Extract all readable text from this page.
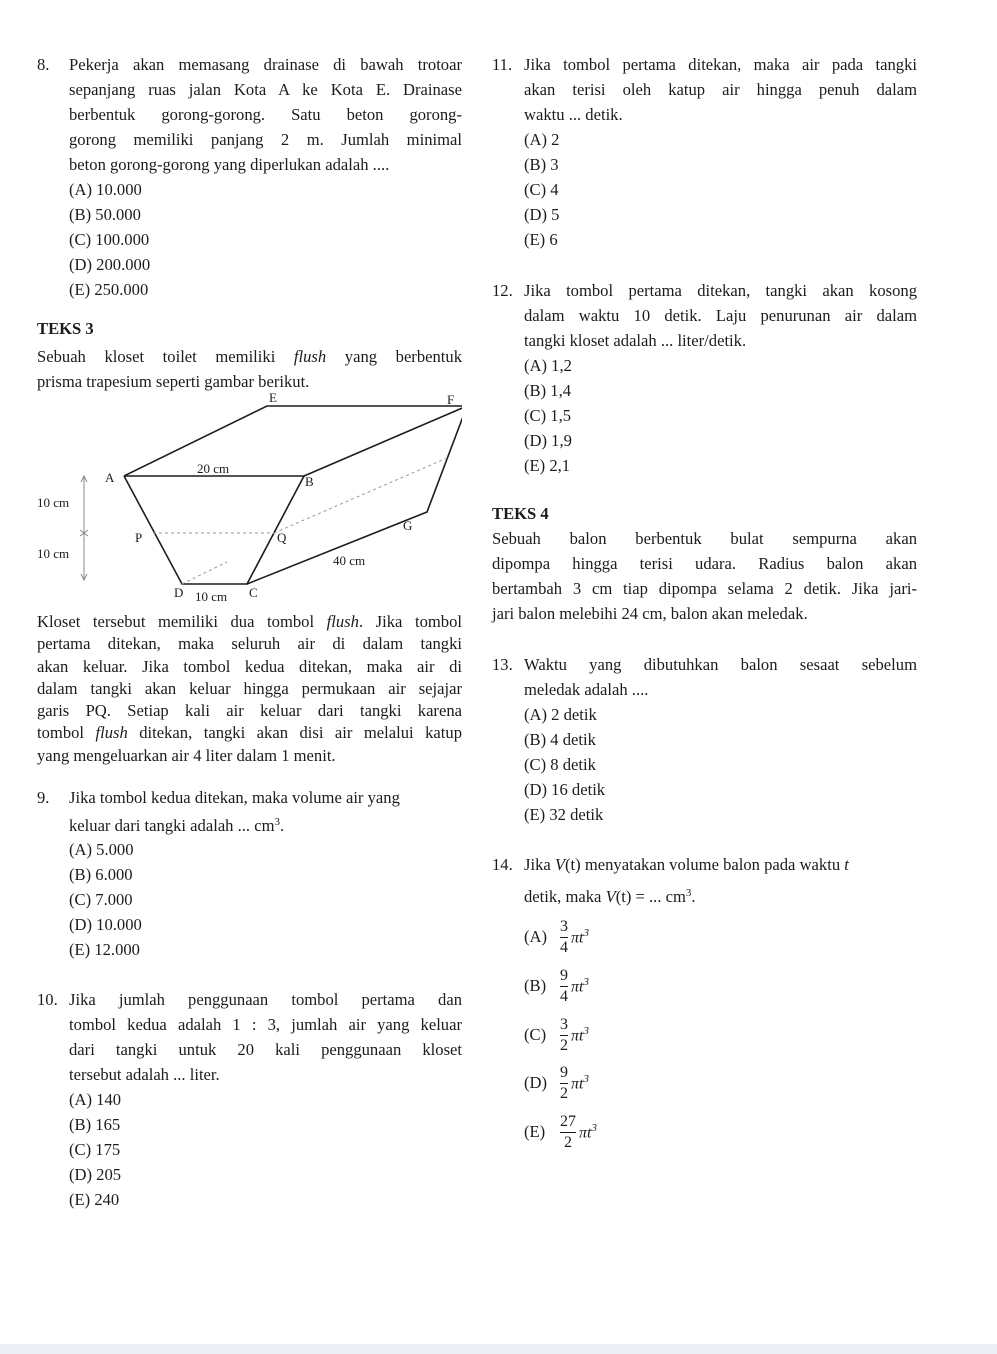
8. Pekerja akan memasang drainase di bawah trotoar
sepanjang ruas jalan Kota A ke Kota E. Drainase
berbentuk gorong-gorong. Satu beton gorong-
gorong memiliki panjang 2 m. Jumlah minimal
beton gorong-gorong yang diperlukan adalah ....
(A) 10.000
(B) 50.000
(C) 100.000
(D) 200.000
(E) 250.000
TEKS 3
Sebuah kloset toilet memiliki flush yang berbentuk
prisma trapesium seperti gambar berikut.
E	F
A	B
20 cm
10 cm
P	Q
G
10 cm	40 cm
D 10 cm C
Kloset tersebut memiliki dua tombol flush. Jika tombol
pertama ditekan, maka seluruh air di dalam tangki
akan keluar. Jika tombol kedua ditekan, maka air di
dalam tangki akan keluar hingga permukaan air sejajar
garis PQ. Setiap kali air keluar dari tangki karena
tombol flush ditekan, tangki akan disi air melalui katup
yang mengeluarkan air 4 liter dalam 1 menit.
9. Jika tombol kedua ditekan, maka volume air yang
keluar dari tangki adalah ... $cm^3$.
(A) 5.000
(B) 6.000
(C) 7.000
(D) 10.000
(E) 12.000
10. Jika jumlah penggunaan tombol pertama dan
tombol kedua adalah 1 : 3, jumlah air yang keluar
dari tangki untuk 20 kali penggunaan kloset
tersebut adalah ... liter.
(A) 140
(B) 165
(C) 175
(D) 205
(E) 240
11. Jika tombol pertama ditekan, maka air pada tangki
akan terisi oleh katup air hingga penuh dalam
waktu ... detik.
(A) 2
(B) 3
(C) 4
(D) 5
(E) 6
12. Jika tombol pertama ditekan, tangki akan kosong
dalam waktu 10 detik. Laju penurunan air dalam
tangki kloset adalah ... liter/detik.
(A) 1,2
(B) 1,4
(C) 1,5
(D) 1,9
(E) 2,1
TEKS 4
Sebuah balon berbentuk bulat sempurna akan
dipompa hingga terisi udara. Radius balon akan
bertambah 3 cm tiap dipompa selama 2 detik. Jika jari-
jari balon melebihi 24 cm, balon akan meledak.
13. Waktu yang dibutuhkan balon sesaat sebelum
meledak adalah ....
(A) 2 detik
(B) 4 detik
(C) 8 detik
(D) 16 detik
(E) 32 detik
14. Jika V(t) menyatakan volume balon pada waktu t
detik, maka V(t) = ... $cm^3$.
$(A) \frac{3}{4} \pi t^3$
$(B) \frac{9}{4} \pi t^3$
$(C) \frac{3}{2} \pi t^3$
$(D) \frac{9}{2} \pi t^3$
$(E) \frac{27}{2} \pi t^3$
